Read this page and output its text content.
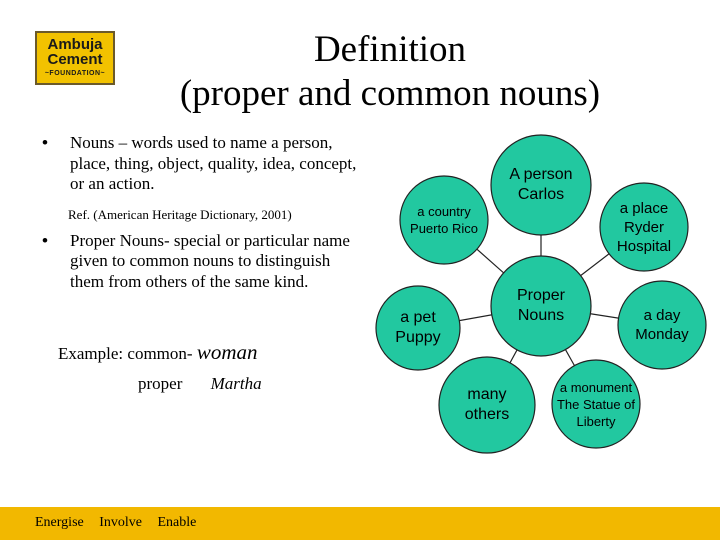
Ambuja
Cement
~FOUNDATION~
Definition
(proper and common nouns)
• Nouns – words used to name a person, place, thing, object, quality, idea, concept, or an action.
Ref. (American Heritage Dictionary, 2001)
• Proper Nouns- special or particular name given to common nouns to distinguish them from others of the same kind.
Example: common- woman
proper Martha
Proper
Nouns
A person
Carlos
a place
Ryder
Hospital
a day
Monday
a monument
The Statue of
Liberty
many
others
a pet
Puppy
a country
Puerto Rico
Energise Involve Enable
